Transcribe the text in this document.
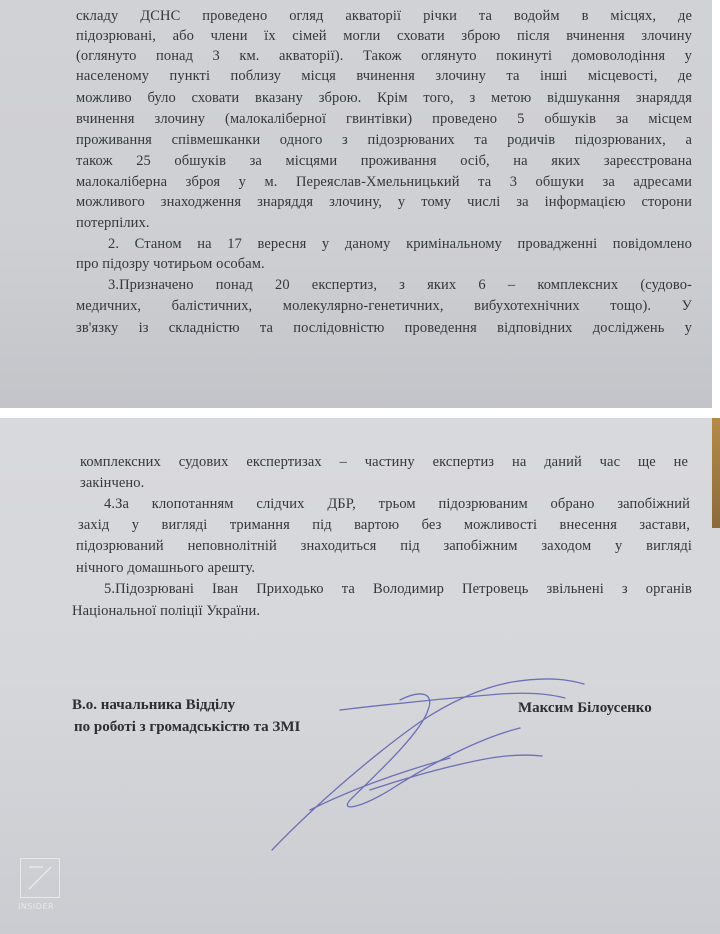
складу ДСНС проведено огляд акваторії річки та водойм в місцях, де
підозрювані, або члени їх сімей могли сховати зброю після вчинення злочину
(оглянуто понад 3 км. акваторії). Також оглянуто покинуті домоволодіння у
населеному пункті поблизу місця вчинення злочину та інші місцевості, де
можливо було сховати вказану зброю. Крім того, з метою відшукання знаряддя
вчинення злочину (малокаліберної гвинтівки) проведено 5 обшуків за місцем
проживання співмешканки одного з підозрюваних та родичів підозрюваних, а
також 25 обшуків за місцями проживання осіб, на яких зареєстрована
малокаліберна зброя у м. Переяслав-Хмельницький та 3 обшуки за адресами
можливого знаходження знаряддя злочину, у тому числі за інформацією сторони
потерпілих.
2. Станом на 17 вересня у даному кримінальному провадженні повідомлено
про підозру чотирьом особам.
3.Призначено понад 20 експертиз, з яких 6 – комплексних (судово-
медичних, балістичних, молекулярно-генетичних, вибухотехнічних тощо). У
зв'язку із складністю та послідовністю проведення відповідних досліджень у
комплексних судових експертизах – частину експертиз на даний час ще не
закінчено.
4.За клопотанням слідчих ДБР, трьом підозрюваним обрано запобіжний
захід у вигляді тримання під вартою без можливості внесення застави,
підозрюваний неповнолітній знаходиться під запобіжним заходом у вигляді
нічного домашнього арешту.
5.Підозрювані Іван Приходько та Володимир Петровець звільнені з органів
Національної поліції України.
В.о. начальника Відділу
по роботі з громадськістю та ЗМІ
Максим Білоусенко
INSIDER
